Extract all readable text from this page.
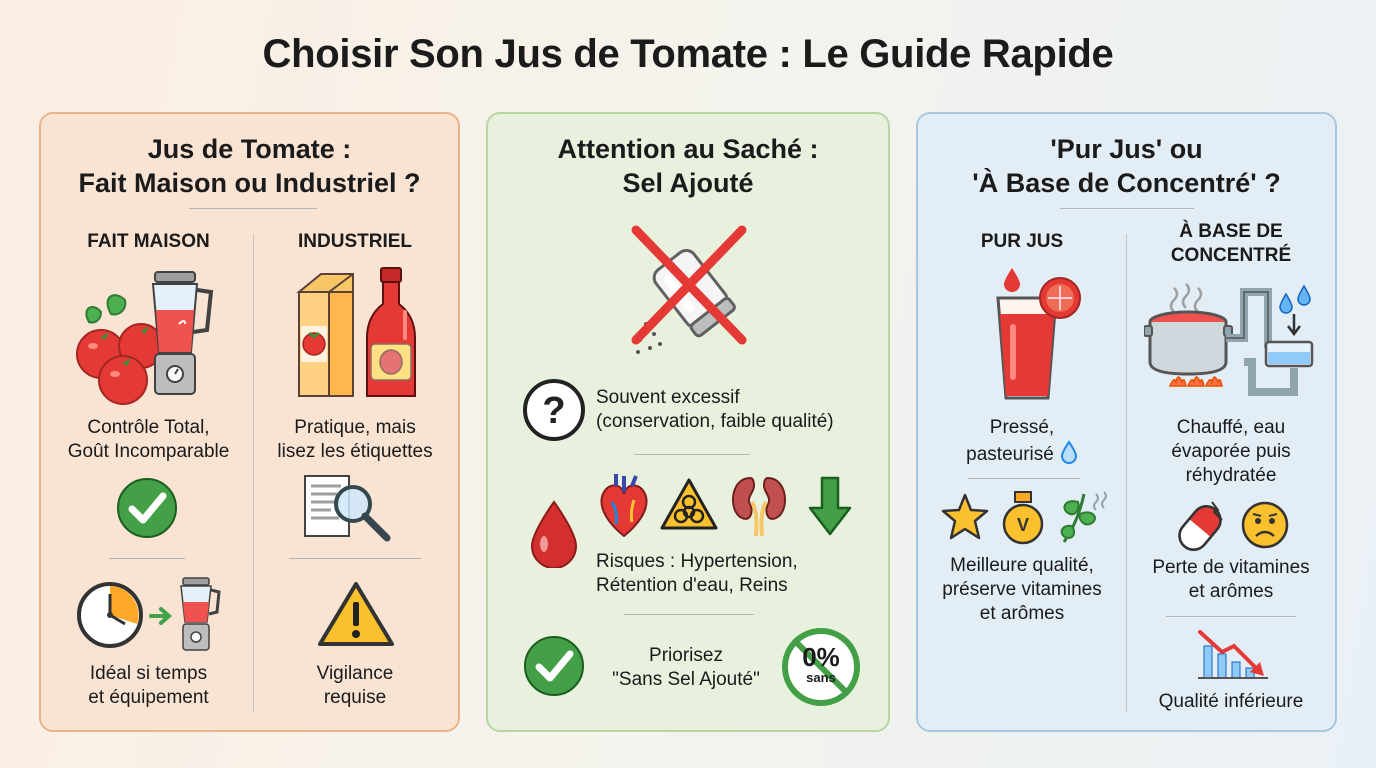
Choisir Son Jus de Tomate : Le Guide Rapide
Jus de Tomate :
Fait Maison ou Industriel ?
FAIT MAISON
Contrôle Total,
Goût Incomparable
Idéal si temps
et équipement
INDUSTRIEL
Pratique, mais
lisez les étiquettes
Vigilance
requise
Attention au Saché :
Sel Ajouté
? Souvent excessif
(conservation, faible qualité)
Risques : Hypertension,
Rétention d'eau, Reins
Priorisez
"Sans Sel Ajouté"
0%
sans
'Pur Jus' ou
'À Base de Concentré' ?
PUR JUS
Pressé,
pasteurisé
V
Meilleure qualité,
préserve vitamines
et arômes
À BASE DE
CONCENTRÉ
Chauffé, eau
évaporée puis
réhydratée
Perte de vitamines
et arômes
Qualité inférieure
